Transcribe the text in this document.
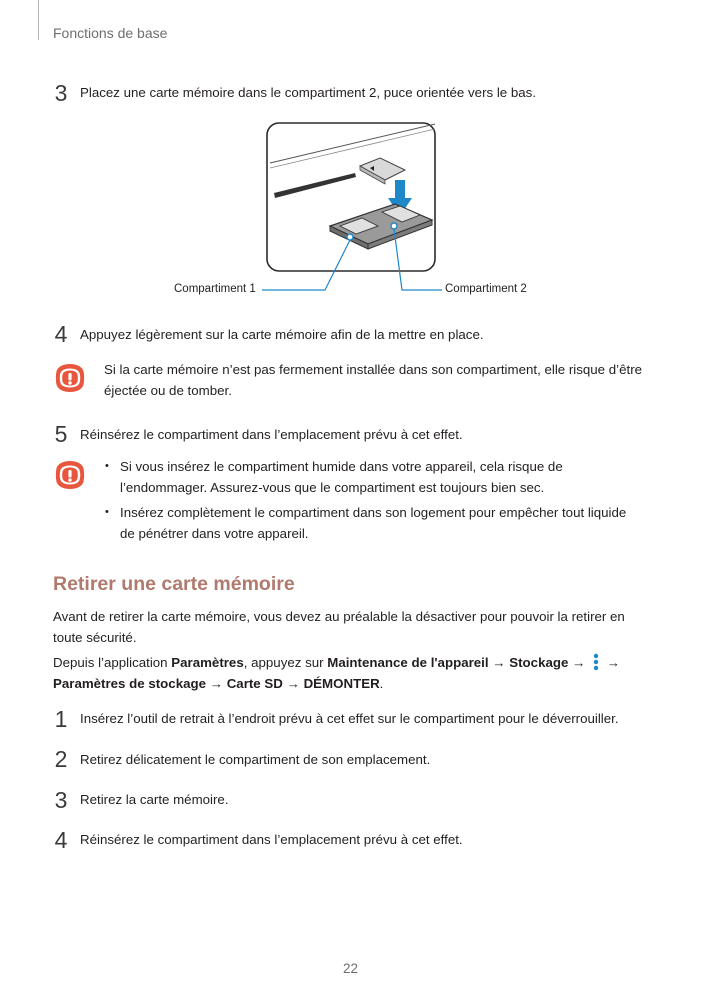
Fonctions de base
3 Placez une carte mémoire dans le compartiment 2, puce orientée vers le bas.
Compartiment 1	Compartiment 2
4 Appuyez légèrement sur la carte mémoire afin de la mettre en place.
Si la carte mémoire n’est pas fermement installée dans son compartiment, elle risque d’être
éjectée ou de tomber.
5 Réinsérez le compartiment dans l’emplacement prévu à cet effet.
• Si vous insérez le compartiment humide dans votre appareil, cela risque de
l’endommager. Assurez-vous que le compartiment est toujours bien sec.
• Insérez complètement le compartiment dans son logement pour empêcher tout liquide
de pénétrer dans votre appareil.
Retirer une carte mémoire
Avant de retirer la carte mémoire, vous devez au préalable la désactiver pour pouvoir la retirer en
toute sécurité.
Depuis l’application Paramètres, appuyez sur Maintenance de l'appareil → Stockage → →
Paramètres de stockage → Carte SD → DÉMONTER.
1 Insérez l’outil de retrait à l’endroit prévu à cet effet sur le compartiment pour le déverrouiller.
2 Retirez délicatement le compartiment de son emplacement.
3 Retirez la carte mémoire.
4 Réinsérez le compartiment dans l’emplacement prévu à cet effet.
22
